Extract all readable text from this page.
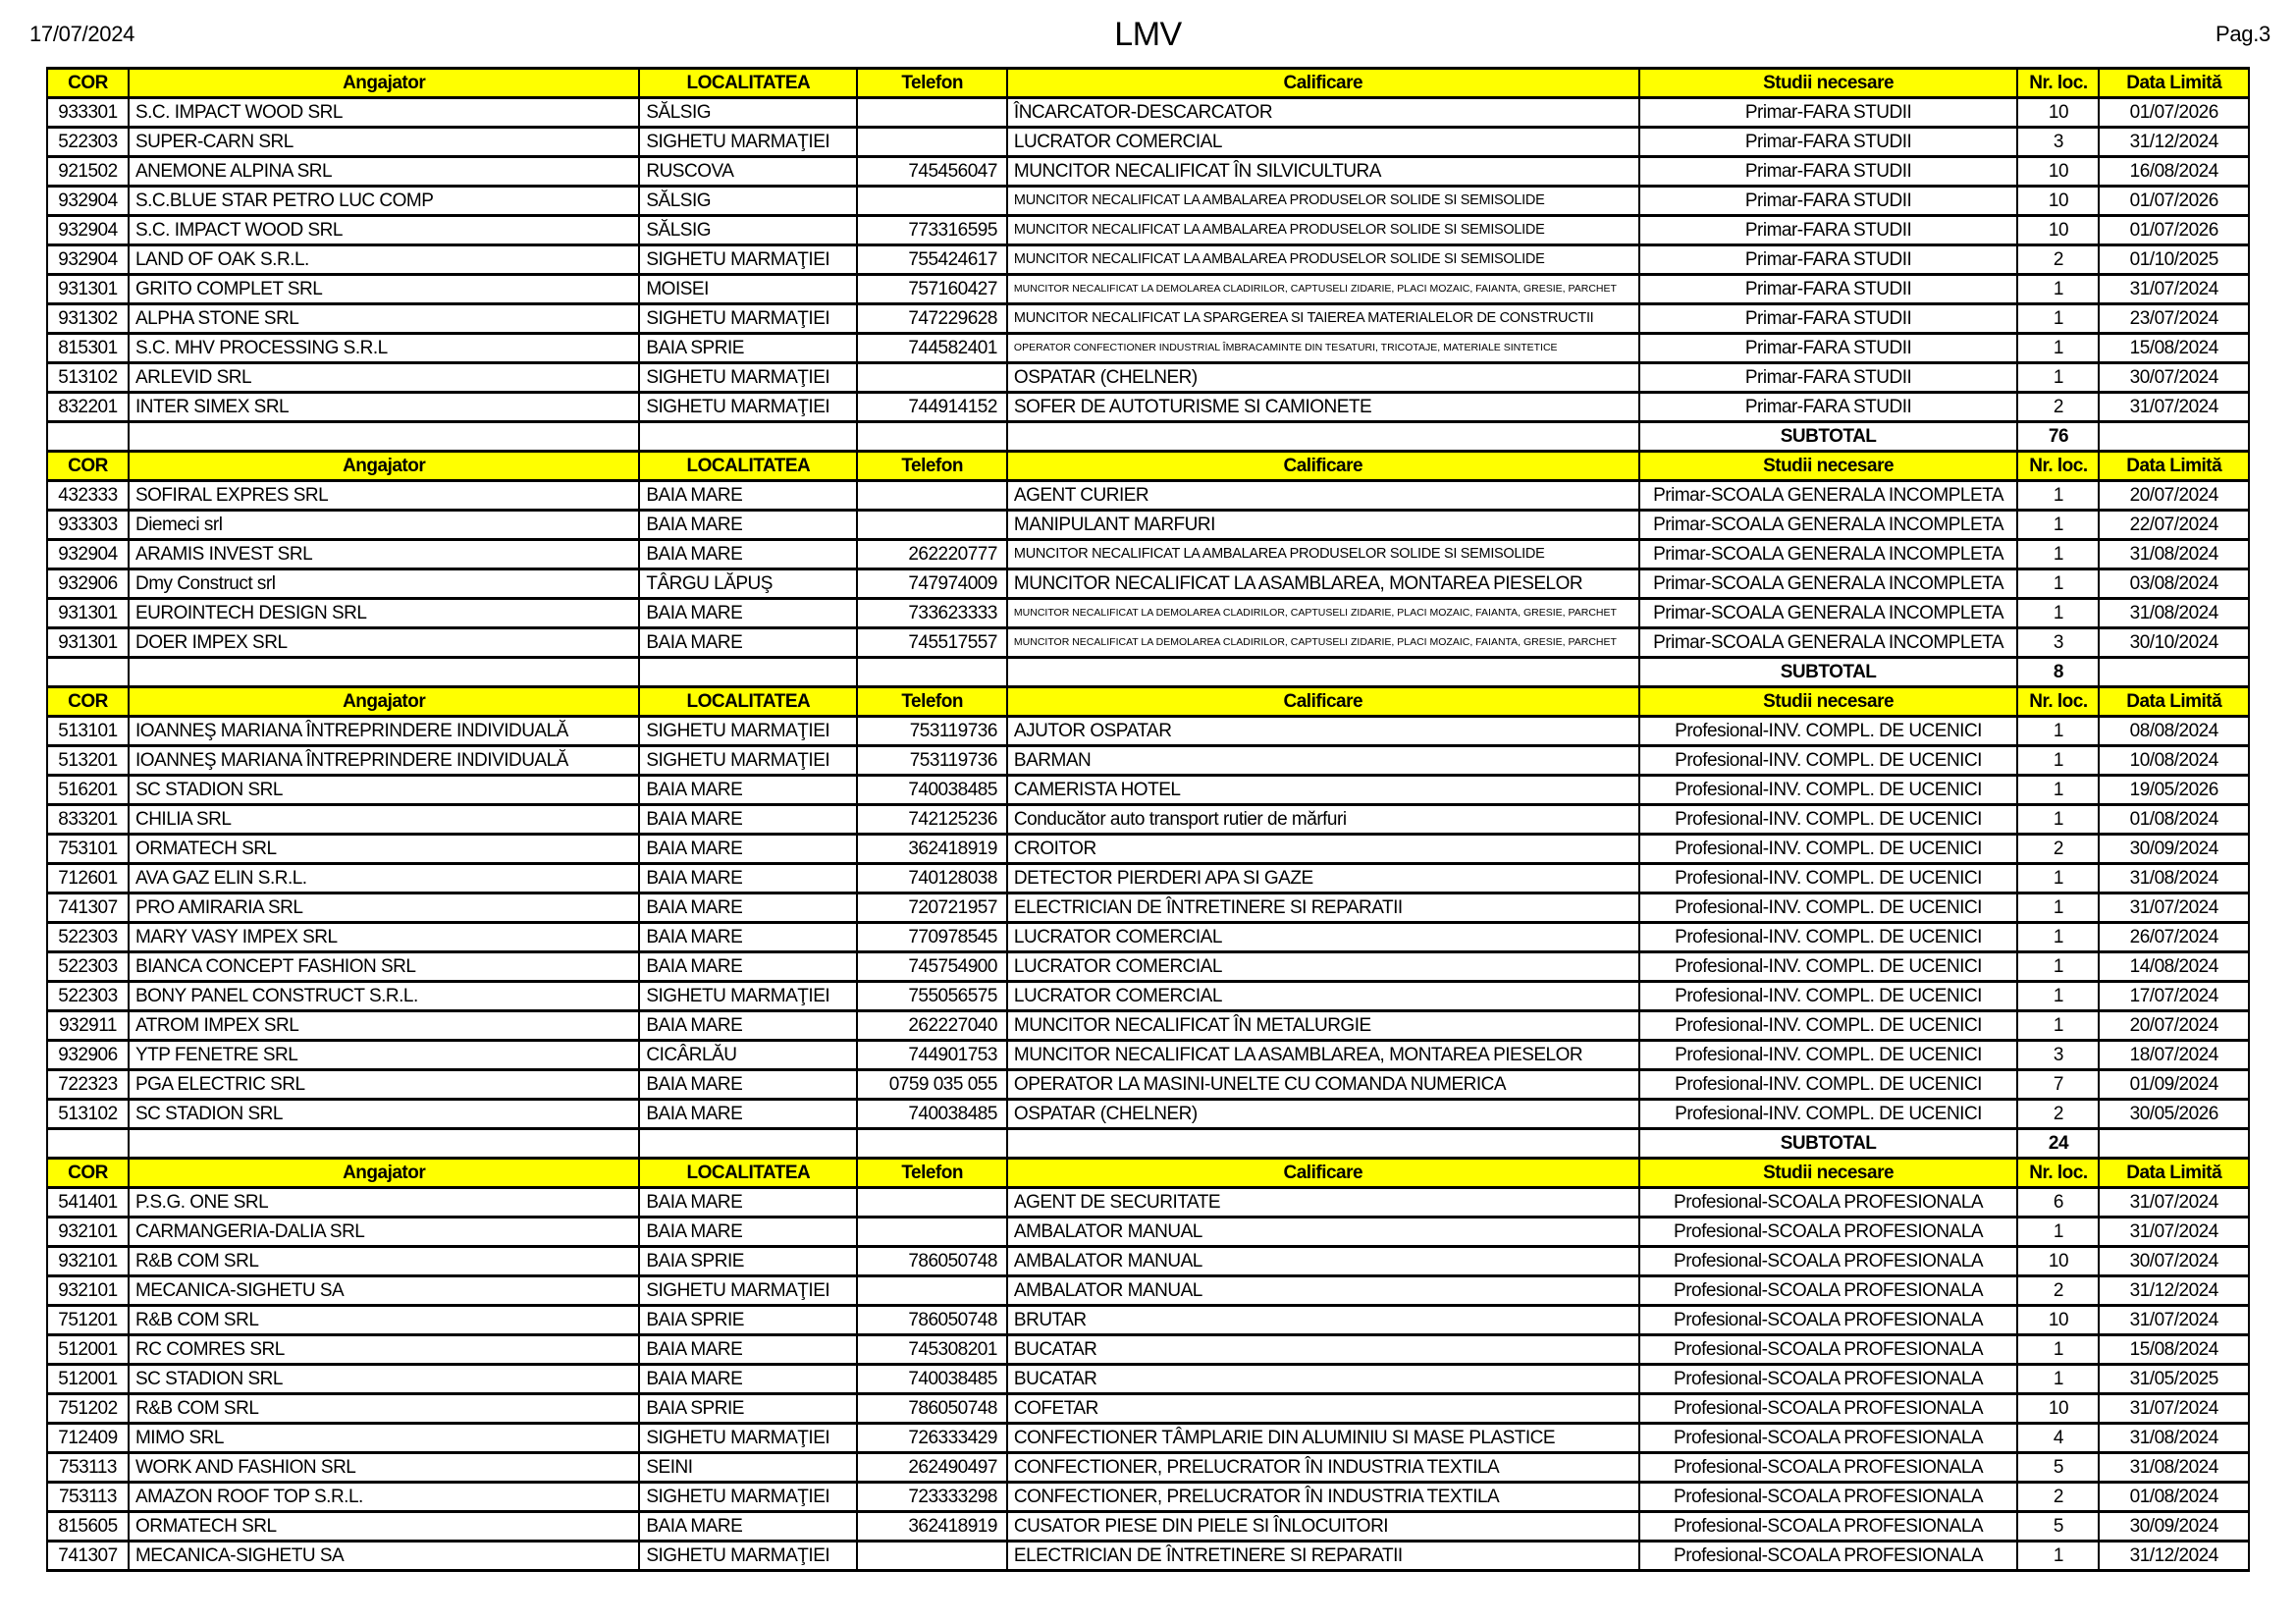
17/07/2024	LMV	Pag.3
COR	Angajator	LOCALITATEA	Telefon	Calificare	Studii necesare	Nr. loc.	Data Limită
933301	S.C. IMPACT WOOD SRL	SĂLSIG		ÎNCARCATOR-DESCARCATOR	Primar-FARA STUDII	10	01/07/2026
522303	SUPER-CARN SRL	SIGHETU MARMAŢIEI		LUCRATOR COMERCIAL	Primar-FARA STUDII	3	31/12/2024
921502	ANEMONE ALPINA SRL	RUSCOVA	745456047	MUNCITOR NECALIFICAT ÎN SILVICULTURA	Primar-FARA STUDII	10	16/08/2024
932904	S.C.BLUE STAR PETRO LUC COMP	SĂLSIG		MUNCITOR NECALIFICAT LA AMBALAREA PRODUSELOR SOLIDE SI SEMISOLIDE	Primar-FARA STUDII	10	01/07/2026
932904	S.C. IMPACT WOOD SRL	SĂLSIG	773316595	MUNCITOR NECALIFICAT LA AMBALAREA PRODUSELOR SOLIDE SI SEMISOLIDE	Primar-FARA STUDII	10	01/07/2026
932904	LAND OF OAK S.R.L.	SIGHETU MARMAŢIEI	755424617	MUNCITOR NECALIFICAT LA AMBALAREA PRODUSELOR SOLIDE SI SEMISOLIDE	Primar-FARA STUDII	2	01/10/2025
931301	GRITO COMPLET SRL	MOISEI	757160427	MUNCITOR NECALIFICAT LA DEMOLAREA CLADIRILOR, CAPTUSELI ZIDARIE, PLACI MOZAIC, FAIANTA, GRESIE, PARCHET	Primar-FARA STUDII	1	31/07/2024
931302	ALPHA STONE SRL	SIGHETU MARMAŢIEI	747229628	MUNCITOR NECALIFICAT LA SPARGEREA SI TAIEREA MATERIALELOR DE CONSTRUCTII	Primar-FARA STUDII	1	23/07/2024
815301	S.C. MHV PROCESSING S.R.L	BAIA SPRIE	744582401	OPERATOR CONFECTIONER INDUSTRIAL ÎMBRACAMINTE DIN TESATURI, TRICOTAJE, MATERIALE SINTETICE	Primar-FARA STUDII	1	15/08/2024
513102	ARLEVID SRL	SIGHETU MARMAŢIEI		OSPATAR (CHELNER)	Primar-FARA STUDII	1	30/07/2024
832201	INTER SIMEX SRL	SIGHETU MARMAŢIEI	744914152	SOFER DE AUTOTURISME SI CAMIONETE	Primar-FARA STUDII	2	31/07/2024
					SUBTOTAL	76	
COR	Angajator	LOCALITATEA	Telefon	Calificare	Studii necesare	Nr. loc.	Data Limită
432333	SOFIRAL EXPRES SRL	BAIA MARE		AGENT CURIER	Primar-SCOALA GENERALA INCOMPLETA	1	20/07/2024
933303	Diemeci srl	BAIA MARE		MANIPULANT MARFURI	Primar-SCOALA GENERALA INCOMPLETA	1	22/07/2024
932904	ARAMIS INVEST SRL	BAIA MARE	262220777	MUNCITOR NECALIFICAT LA AMBALAREA PRODUSELOR SOLIDE SI SEMISOLIDE	Primar-SCOALA GENERALA INCOMPLETA	1	31/08/2024
932906	Dmy Construct srl	TÂRGU LĂPUŞ	747974009	MUNCITOR NECALIFICAT LA ASAMBLAREA, MONTAREA PIESELOR	Primar-SCOALA GENERALA INCOMPLETA	1	03/08/2024
931301	EUROINTECH DESIGN SRL	BAIA MARE	733623333	MUNCITOR NECALIFICAT LA DEMOLAREA CLADIRILOR, CAPTUSELI ZIDARIE, PLACI MOZAIC, FAIANTA, GRESIE, PARCHET	Primar-SCOALA GENERALA INCOMPLETA	1	31/08/2024
931301	DOER IMPEX SRL	BAIA MARE	745517557	MUNCITOR NECALIFICAT LA DEMOLAREA CLADIRILOR, CAPTUSELI ZIDARIE, PLACI MOZAIC, FAIANTA, GRESIE, PARCHET	Primar-SCOALA GENERALA INCOMPLETA	3	30/10/2024
					SUBTOTAL	8	
COR	Angajator	LOCALITATEA	Telefon	Calificare	Studii necesare	Nr. loc.	Data Limită
513101	IOANNEŞ MARIANA ÎNTREPRINDERE INDIVIDUALĂ	SIGHETU MARMAŢIEI	753119736	AJUTOR OSPATAR	Profesional-INV. COMPL. DE UCENICI	1	08/08/2024
513201	IOANNEŞ MARIANA ÎNTREPRINDERE INDIVIDUALĂ	SIGHETU MARMAŢIEI	753119736	BARMAN	Profesional-INV. COMPL. DE UCENICI	1	10/08/2024
516201	SC STADION SRL	BAIA MARE	740038485	CAMERISTA HOTEL	Profesional-INV. COMPL. DE UCENICI	1	19/05/2026
833201	CHILIA SRL	BAIA MARE	742125236	Conducător auto transport rutier de mărfuri	Profesional-INV. COMPL. DE UCENICI	1	01/08/2024
753101	ORMATECH SRL	BAIA MARE	362418919	CROITOR	Profesional-INV. COMPL. DE UCENICI	2	30/09/2024
712601	AVA GAZ ELIN S.R.L.	BAIA MARE	740128038	DETECTOR PIERDERI APA SI GAZE	Profesional-INV. COMPL. DE UCENICI	1	31/08/2024
741307	PRO AMIRARIA SRL	BAIA MARE	720721957	ELECTRICIAN DE ÎNTRETINERE SI REPARATII	Profesional-INV. COMPL. DE UCENICI	1	31/07/2024
522303	MARY VASY IMPEX SRL	BAIA MARE	770978545	LUCRATOR COMERCIAL	Profesional-INV. COMPL. DE UCENICI	1	26/07/2024
522303	BIANCA CONCEPT FASHION SRL	BAIA MARE	745754900	LUCRATOR COMERCIAL	Profesional-INV. COMPL. DE UCENICI	1	14/08/2024
522303	BONY PANEL CONSTRUCT S.R.L.	SIGHETU MARMAŢIEI	755056575	LUCRATOR COMERCIAL	Profesional-INV. COMPL. DE UCENICI	1	17/07/2024
932911	ATROM IMPEX SRL	BAIA MARE	262227040	MUNCITOR NECALIFICAT ÎN METALURGIE	Profesional-INV. COMPL. DE UCENICI	1	20/07/2024
932906	YTP FENETRE SRL	CICÂRLĂU	744901753	MUNCITOR NECALIFICAT LA ASAMBLAREA, MONTAREA PIESELOR	Profesional-INV. COMPL. DE UCENICI	3	18/07/2024
722323	PGA ELECTRIC SRL	BAIA MARE	0759 035 055	OPERATOR LA MASINI-UNELTE CU COMANDA NUMERICA	Profesional-INV. COMPL. DE UCENICI	7	01/09/2024
513102	SC STADION SRL	BAIA MARE	740038485	OSPATAR (CHELNER)	Profesional-INV. COMPL. DE UCENICI	2	30/05/2026
					SUBTOTAL	24	
COR	Angajator	LOCALITATEA	Telefon	Calificare	Studii necesare	Nr. loc.	Data Limită
541401	P.S.G. ONE SRL	BAIA MARE		AGENT DE SECURITATE	Profesional-SCOALA PROFESIONALA	6	31/07/2024
932101	CARMANGERIA-DALIA SRL	BAIA MARE		AMBALATOR MANUAL	Profesional-SCOALA PROFESIONALA	1	31/07/2024
932101	R&B COM SRL	BAIA SPRIE	786050748	AMBALATOR MANUAL	Profesional-SCOALA PROFESIONALA	10	30/07/2024
932101	MECANICA-SIGHETU SA	SIGHETU MARMAŢIEI		AMBALATOR MANUAL	Profesional-SCOALA PROFESIONALA	2	31/12/2024
751201	R&B COM SRL	BAIA SPRIE	786050748	BRUTAR	Profesional-SCOALA PROFESIONALA	10	31/07/2024
512001	RC COMRES SRL	BAIA MARE	745308201	BUCATAR	Profesional-SCOALA PROFESIONALA	1	15/08/2024
512001	SC STADION SRL	BAIA MARE	740038485	BUCATAR	Profesional-SCOALA PROFESIONALA	1	31/05/2025
751202	R&B COM SRL	BAIA SPRIE	786050748	COFETAR	Profesional-SCOALA PROFESIONALA	10	31/07/2024
712409	MIMO SRL	SIGHETU MARMAŢIEI	726333429	CONFECTIONER TÂMPLARIE DIN ALUMINIU SI MASE PLASTICE	Profesional-SCOALA PROFESIONALA	4	31/08/2024
753113	WORK AND FASHION SRL	SEINI	262490497	CONFECTIONER, PRELUCRATOR ÎN INDUSTRIA TEXTILA	Profesional-SCOALA PROFESIONALA	5	31/08/2024
753113	AMAZON ROOF TOP S.R.L.	SIGHETU MARMAŢIEI	723333298	CONFECTIONER, PRELUCRATOR ÎN INDUSTRIA TEXTILA	Profesional-SCOALA PROFESIONALA	2	01/08/2024
815605	ORMATECH SRL	BAIA MARE	362418919	CUSATOR PIESE DIN PIELE SI ÎNLOCUITORI	Profesional-SCOALA PROFESIONALA	5	30/09/2024
741307	MECANICA-SIGHETU SA	SIGHETU MARMAŢIEI		ELECTRICIAN DE ÎNTRETINERE SI REPARATII	Profesional-SCOALA PROFESIONALA	1	31/12/2024
